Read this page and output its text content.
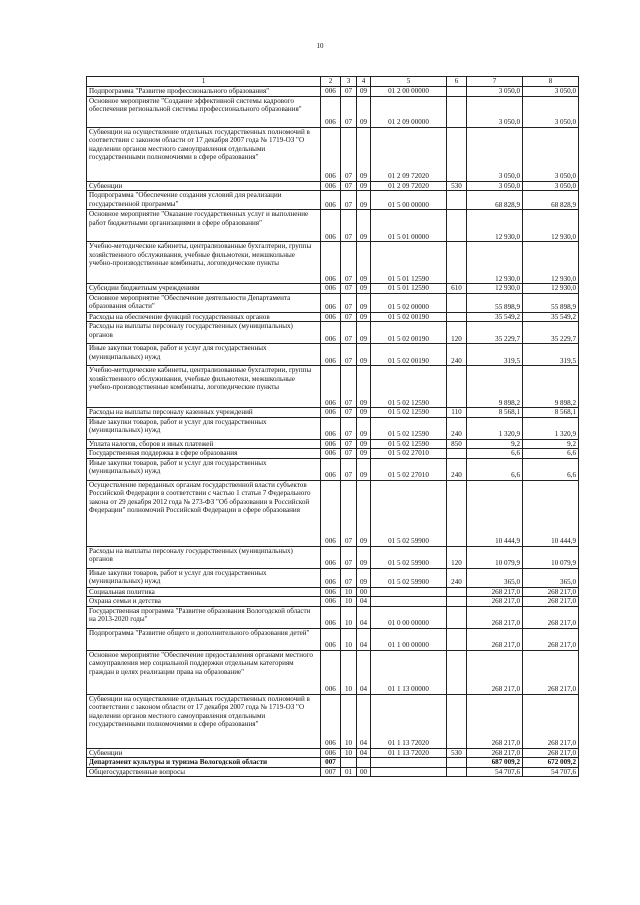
10
1	2	3	4	5	6	7	8
Подпрограмма "Развитие профессионального образования"	006	07	09	01 2 00 00000		3 050,0	3 050,0
Основное мероприятие "Создание эффективной системы кадрового обеспечения региональной системы профессионального образования"	006	07	09	01 2 09 00000		3 050,0	3 050,0
Субвенции на осуществление отдельных государственных полномочий в соответствии с законом области от 17 декабря 2007 года № 1719-ОЗ "О наделении органов местного самоуправления отдельными государственными полномочиями в сфере образования"	006	07	09	01 2 09 72020		3 050,0	3 050,0
Субвенции	006	07	09	01 2 09 72020	530	3 050,0	3 050,0
Подпрограмма "Обеспечение создания условий для реализации государственной программы"	006	07	09	01 5 00 00000		68 828,9	68 828,9
Основное мероприятие "Оказание государственных услуг и выполнение работ бюджетными организациями в сфере образования"	006	07	09	01 5 01 00000		12 930,0	12 930,0
Учебно-методические кабинеты, централизованные бухгалтерии, группы хозяйственного обслуживания, учебные фильмотеки, межшкольные учебно-производственные комбинаты, логопедические пункты	006	07	09	01 5 01 12590		12 930,0	12 930,0
Субсидии бюджетным учреждениям	006	07	09	01 5 01 12590	610	12 930,0	12 930,0
Основное мероприятие "Обеспечение деятельности Департамента образования области"	006	07	09	01 5 02 00000		55 898,9	55 898,9
Расходы на обеспечение функций государственных органов	006	07	09	01 5 02 00190		35 549,2	35 549,2
Расходы на выплаты персоналу государственных (муниципальных) органов	006	07	09	01 5 02 00190	120	35 229,7	35 229,7
Иные закупки товаров, работ и услуг для государственных (муниципальных) нужд	006	07	09	01 5 02 00190	240	319,5	319,5
Учебно-методические кабинеты, централизованные бухгалтерии, группы хозяйственного обслуживания, учебные фильмотеки, межшкольные учебно-производственные комбинаты, логопедические пункты	006	07	09	01 5 02 12590		9 898,2	9 898,2
Расходы на выплаты персоналу казенных учреждений	006	07	09	01 5 02 12590	110	8 568,1	8 568,1
Иные закупки товаров, работ и услуг для государственных (муниципальных) нужд	006	07	09	01 5 02 12590	240	1 320,9	1 320,9
Уплата налогов, сборов и иных платежей	006	07	09	01 5 02 12590	850	9,2	9,2
Государственная поддержка в сфере образования	006	07	09	01 5 02 27010		6,6	6,6
Иные закупки товаров, работ и услуг для государственных (муниципальных) нужд	006	07	09	01 5 02 27010	240	6,6	6,6
Осуществление переданных органам государственной власти субъектов Российской Федерации в соответствии с частью 1 статьи 7 Федерального закона от 29 декабря 2012 года № 273-ФЗ "Об образовании в Российской Федерации" полномочий Российской Федерации в сфере образования	006	07	09	01 5 02 59900		10 444,9	10 444,9
Расходы на выплаты персоналу государственных (муниципальных) органов	006	07	09	01 5 02 59900	120	10 079,9	10 079,9
Иные закупки товаров, работ и услуг для государственных (муниципальных) нужд	006	07	09	01 5 02 59900	240	365,0	365,0
Социальная политика	006	10	00			268 217,0	268 217,0
Охрана семьи и детства	006	10	04			268 217,0	268 217,0
Государственная программа "Развитие образования Вологодской области на 2013-2020 годы"	006	10	04	01 0 00 00000		268 217,0	268 217,0
Подпрограмма "Развитие общего и дополнительного образования детей"	006	10	04	01 1 00 00000		268 217,0	268 217,0
Основное мероприятие "Обеспечение предоставления органами местного самоуправления мер социальной поддержки отдельным категориям граждан в целях реализации права на образование"	006	10	04	01 1 13 00000		268 217,0	268 217,0
Субвенции на осуществление отдельных государственных полномочий в соответствии с законом области от 17 декабря 2007 года № 1719-ОЗ "О наделении органов местного самоуправления отдельными государственными полномочиями в сфере образования"	006	10	04	01 1 13 72020		268 217,0	268 217,0
Субвенции	006	10	04	01 1 13 72020	530	268 217,0	268 217,0
Департамент культуры и туризма Вологодской области	007					687 009,2	672 009,2
Общегосударственные вопросы	007	01	00			54 707,6	54 707,6
